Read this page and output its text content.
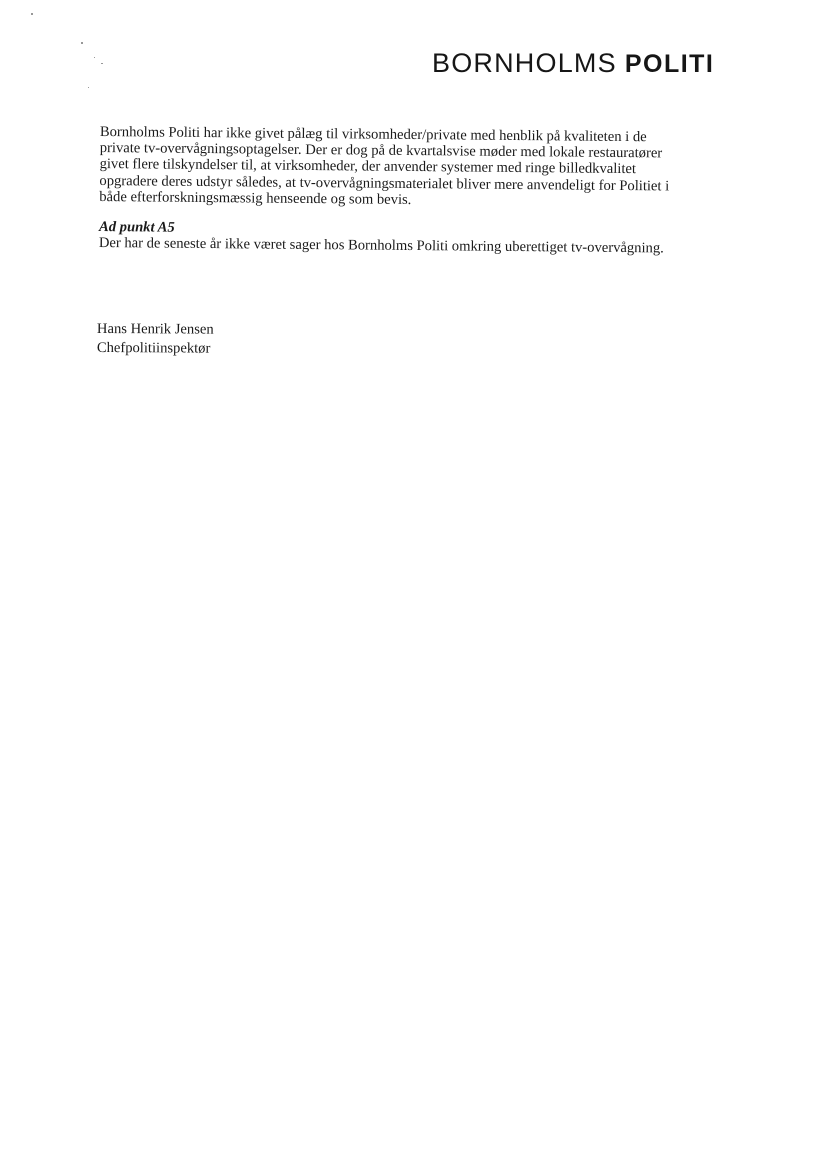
BORNHOLMS POLITI

Bornholms Politi har ikke givet pålæg til virksomheder/private med henblik på kvaliteten i de
private tv-overvågningsoptagelser. Der er dog på de kvartalsvise møder med lokale restauratører
givet flere tilskyndelser til, at virksomheder, der anvender systemer med ringe billedkvalitet
opgradere deres udstyr således, at tv-overvågningsmaterialet bliver mere anvendeligt for Politiet i
både efterforskningsmæssig henseende og som bevis.

Ad punkt A5
Der har de seneste år ikke været sager hos Bornholms Politi omkring uberettiget tv-overvågning.
Hans Henrik Jensen
Chefpolitiinspektør
